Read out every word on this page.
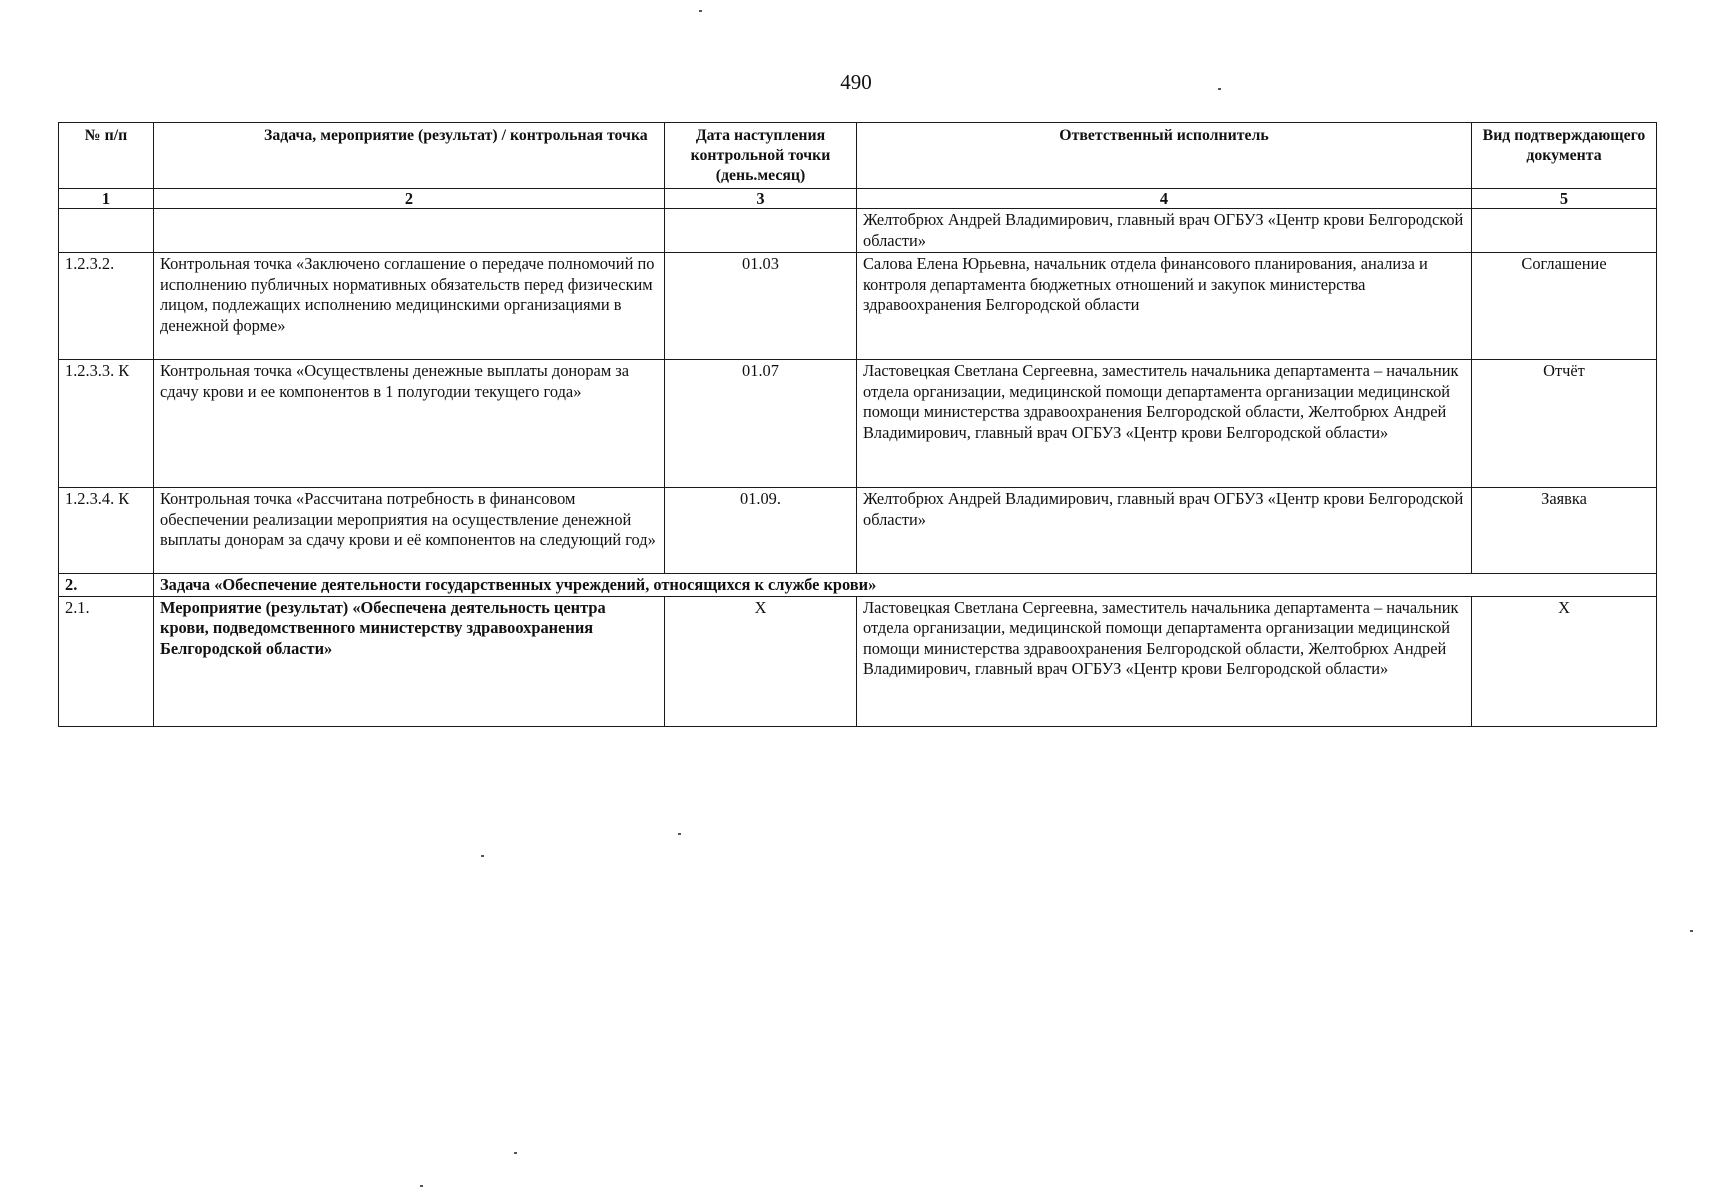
490
№ п/п	Задача, мероприятие (результат) / контрольная точка	Дата наступления контрольной точки (день.месяц)	Ответственный исполнитель	Вид подтверждающего документа
1	2	3	4	5
			Желтобрюх Андрей Владимирович, главный врач ОГБУЗ «Центр крови Белгородской области»	
1.2.3.2.	Контрольная точка «Заключено соглашение о передаче полномочий по исполнению публичных нормативных обязательств перед физическим лицом, подлежащих исполнению медицинскими организациями в денежной форме»	01.03	Салова Елена Юрьевна, начальник отдела финансового планирования, анализа и контроля департамента бюджетных отношений и закупок министерства здравоохранения Белгородской области	Соглашение
1.2.3.3. К	Контрольная точка «Осуществлены денежные выплаты донорам за сдачу крови и ее компонентов в 1 полугодии текущего года»	01.07	Ластовецкая Светлана Сергеевна, заместитель начальника департамента – начальник отдела организации, медицинской помощи департамента организации медицинской помощи министерства здравоохранения Белгородской области, Желтобрюх Андрей Владимирович, главный врач ОГБУЗ «Центр крови Белгородской области»	Отчёт
1.2.3.4. К	Контрольная точка «Рассчитана потребность в финансовом обеспечении реализации мероприятия на осуществление денежной выплаты донорам за сдачу крови и её компонентов на следующий год»	01.09.	Желтобрюх Андрей Владимирович, главный врач ОГБУЗ «Центр крови Белгородской области»	Заявка
2.	Задача «Обеспечение деятельности государственных учреждений, относящихся к службе крови»			
2.1.	Мероприятие (результат) «Обеспечена деятельность центра крови, подведомственного министерству здравоохранения Белгородской области»	Х	Ластовецкая Светлана Сергеевна, заместитель начальника департамента – начальник отдела организации, медицинской помощи департамента организации медицинской помощи министерства здравоохранения Белгородской области, Желтобрюх Андрей Владимирович, главный врач ОГБУЗ «Центр крови Белгородской области»	Х
